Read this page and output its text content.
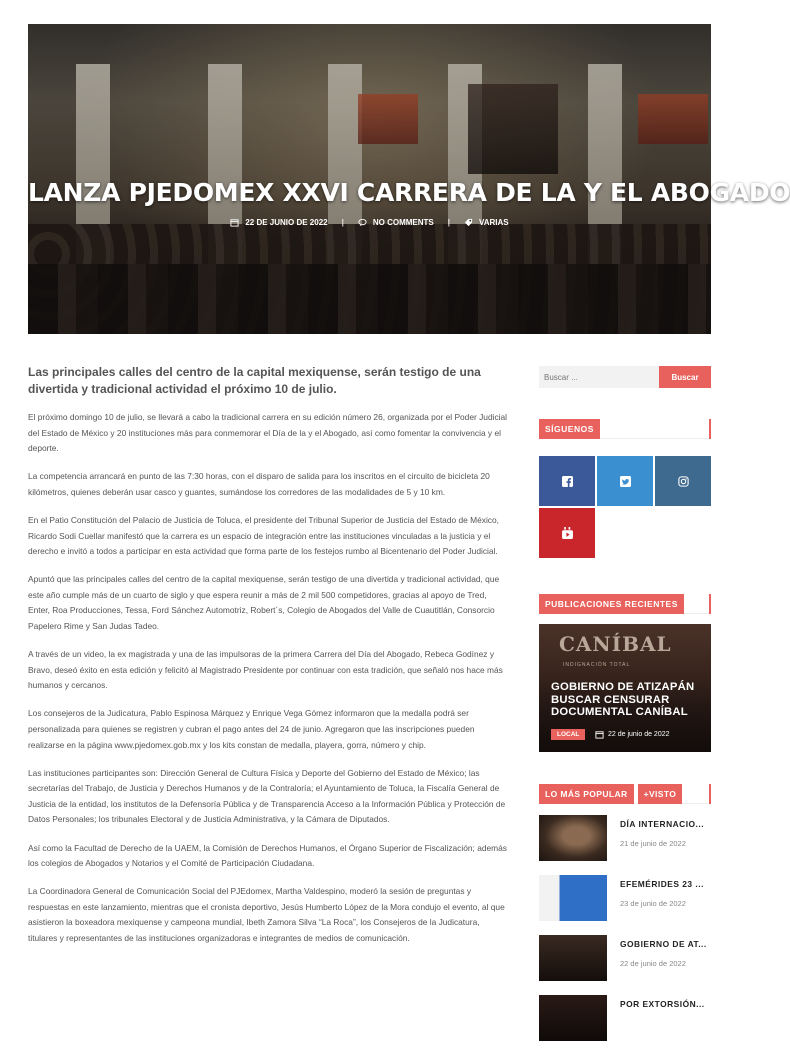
LANZA PJEDOMEX XXVI CARRERA DE LA Y EL ABOGADO
22 DE JUNIO DE 2022 |	NO COMMENTS |	VARIAS
Las principales calles del centro de la capital mexiquense, serán testigo de una divertida y tradicional actividad el próximo 10 de julio.

El próximo domingo 10 de julio, se llevará a cabo la tradicional carrera en su edición número 26, organizada por el Poder Judicial del Estado de México y 20 instituciones más para conmemorar el Día de la y el Abogado, así como fomentar la convivencia y el deporte.

La competencia arrancará en punto de las 7:30 horas, con el disparo de salida para los inscritos en el circuito de bicicleta 20 kilómetros, quienes deberán usar casco y guantes, sumándose los corredores de las modalidades de 5 y 10 km.

En el Patio Constitución del Palacio de Justicia de Toluca, el presidente del Tribunal Superior de Justicia del Estado de México, Ricardo Sodi Cuellar manifestó que la carrera es un espacio de integración entre las instituciones vinculadas a la justicia y el derecho e invitó a todos a participar en esta actividad que forma parte de los festejos rumbo al Bicentenario del Poder Judicial.

Apuntó que las principales calles del centro de la capital mexiquense, serán testigo de una divertida y tradicional actividad, que este año cumple más de un cuarto de siglo y que espera reunir a más de 2 mil 500 competidores, gracias al apoyo de Tred, Enter, Roa Producciones, Tessa, Ford Sánchez Automotriz, Robert´s, Colegio de Abogados del Valle de Cuautitlán, Consorcio Papelero Rime y San Judas Tadeo.

A través de un video, la ex magistrada y una de las impulsoras de la primera Carrera del Día del Abogado, Rebeca Godínez y Bravo, deseó éxito en esta edición y felicitó al Magistrado Presidente por continuar con esta tradición, que señaló nos hace más humanos y cercanos.

Los consejeros de la Judicatura, Pablo Espinosa Márquez y Enrique Vega Gómez informaron que la medalla podrá ser personalizada para quienes se registren y cubran el pago antes del 24 de junio. Agregaron que las inscripciones pueden realizarse en la página www.pjedomex.gob.mx y los kits constan de medalla, playera, gorra, número y chip.

Las instituciones participantes son: Dirección General de Cultura Física y Deporte del Gobierno del Estado de México; las secretarías del Trabajo, de Justicia y Derechos Humanos y de la Contraloría; el Ayuntamiento de Toluca, la Fiscalía General de Justicia de la entidad, los institutos de la Defensoría Pública y de Transparencia Acceso a la Información Pública y Protección de Datos Personales; los tribunales Electoral y de Justicia Administrativa, y la Cámara de Diputados.

Así como la Facultad de Derecho de la UAEM, la Comisión de Derechos Humanos, el Órgano Superior de Fiscalización; además los colegios de Abogados y Notarios y el Comité de Participación Ciudadana.

La Coordinadora General de Comunicación Social del PJEdomex, Martha Valdespino, moderó la sesión de preguntas y respuestas en este lanzamiento, mientras que el cronista deportivo, Jesús Humberto López de la Mora condujo el evento, al que asistieron la boxeadora mexiquense y campeona mundial, Ibeth Zamora Silva “La Roca”, los Consejeros de la Judicatura, titulares y representantes de las instituciones organizadoras e integrantes de medios de comunicación.

Buscar ...
Buscar
SÍGUENOS
PUBLICACIONES RECIENTES
CANÍBAL
INDIGNACIÓN TOTAL
GOBIERNO DE ATIZAPÁN BUSCAR CENSURAR DOCUMENTAL CANÍBAL
LOCAL	22 de junio de 2022
LO MÁS POPULAR	+VISTO
DÍA INTERNACIO...
21 de junio de 2022
EFEMÉRIDES 23 ...
23 de junio de 2022
GOBIERNO DE AT...
22 de junio de 2022
POR EXTORSIÓN...
